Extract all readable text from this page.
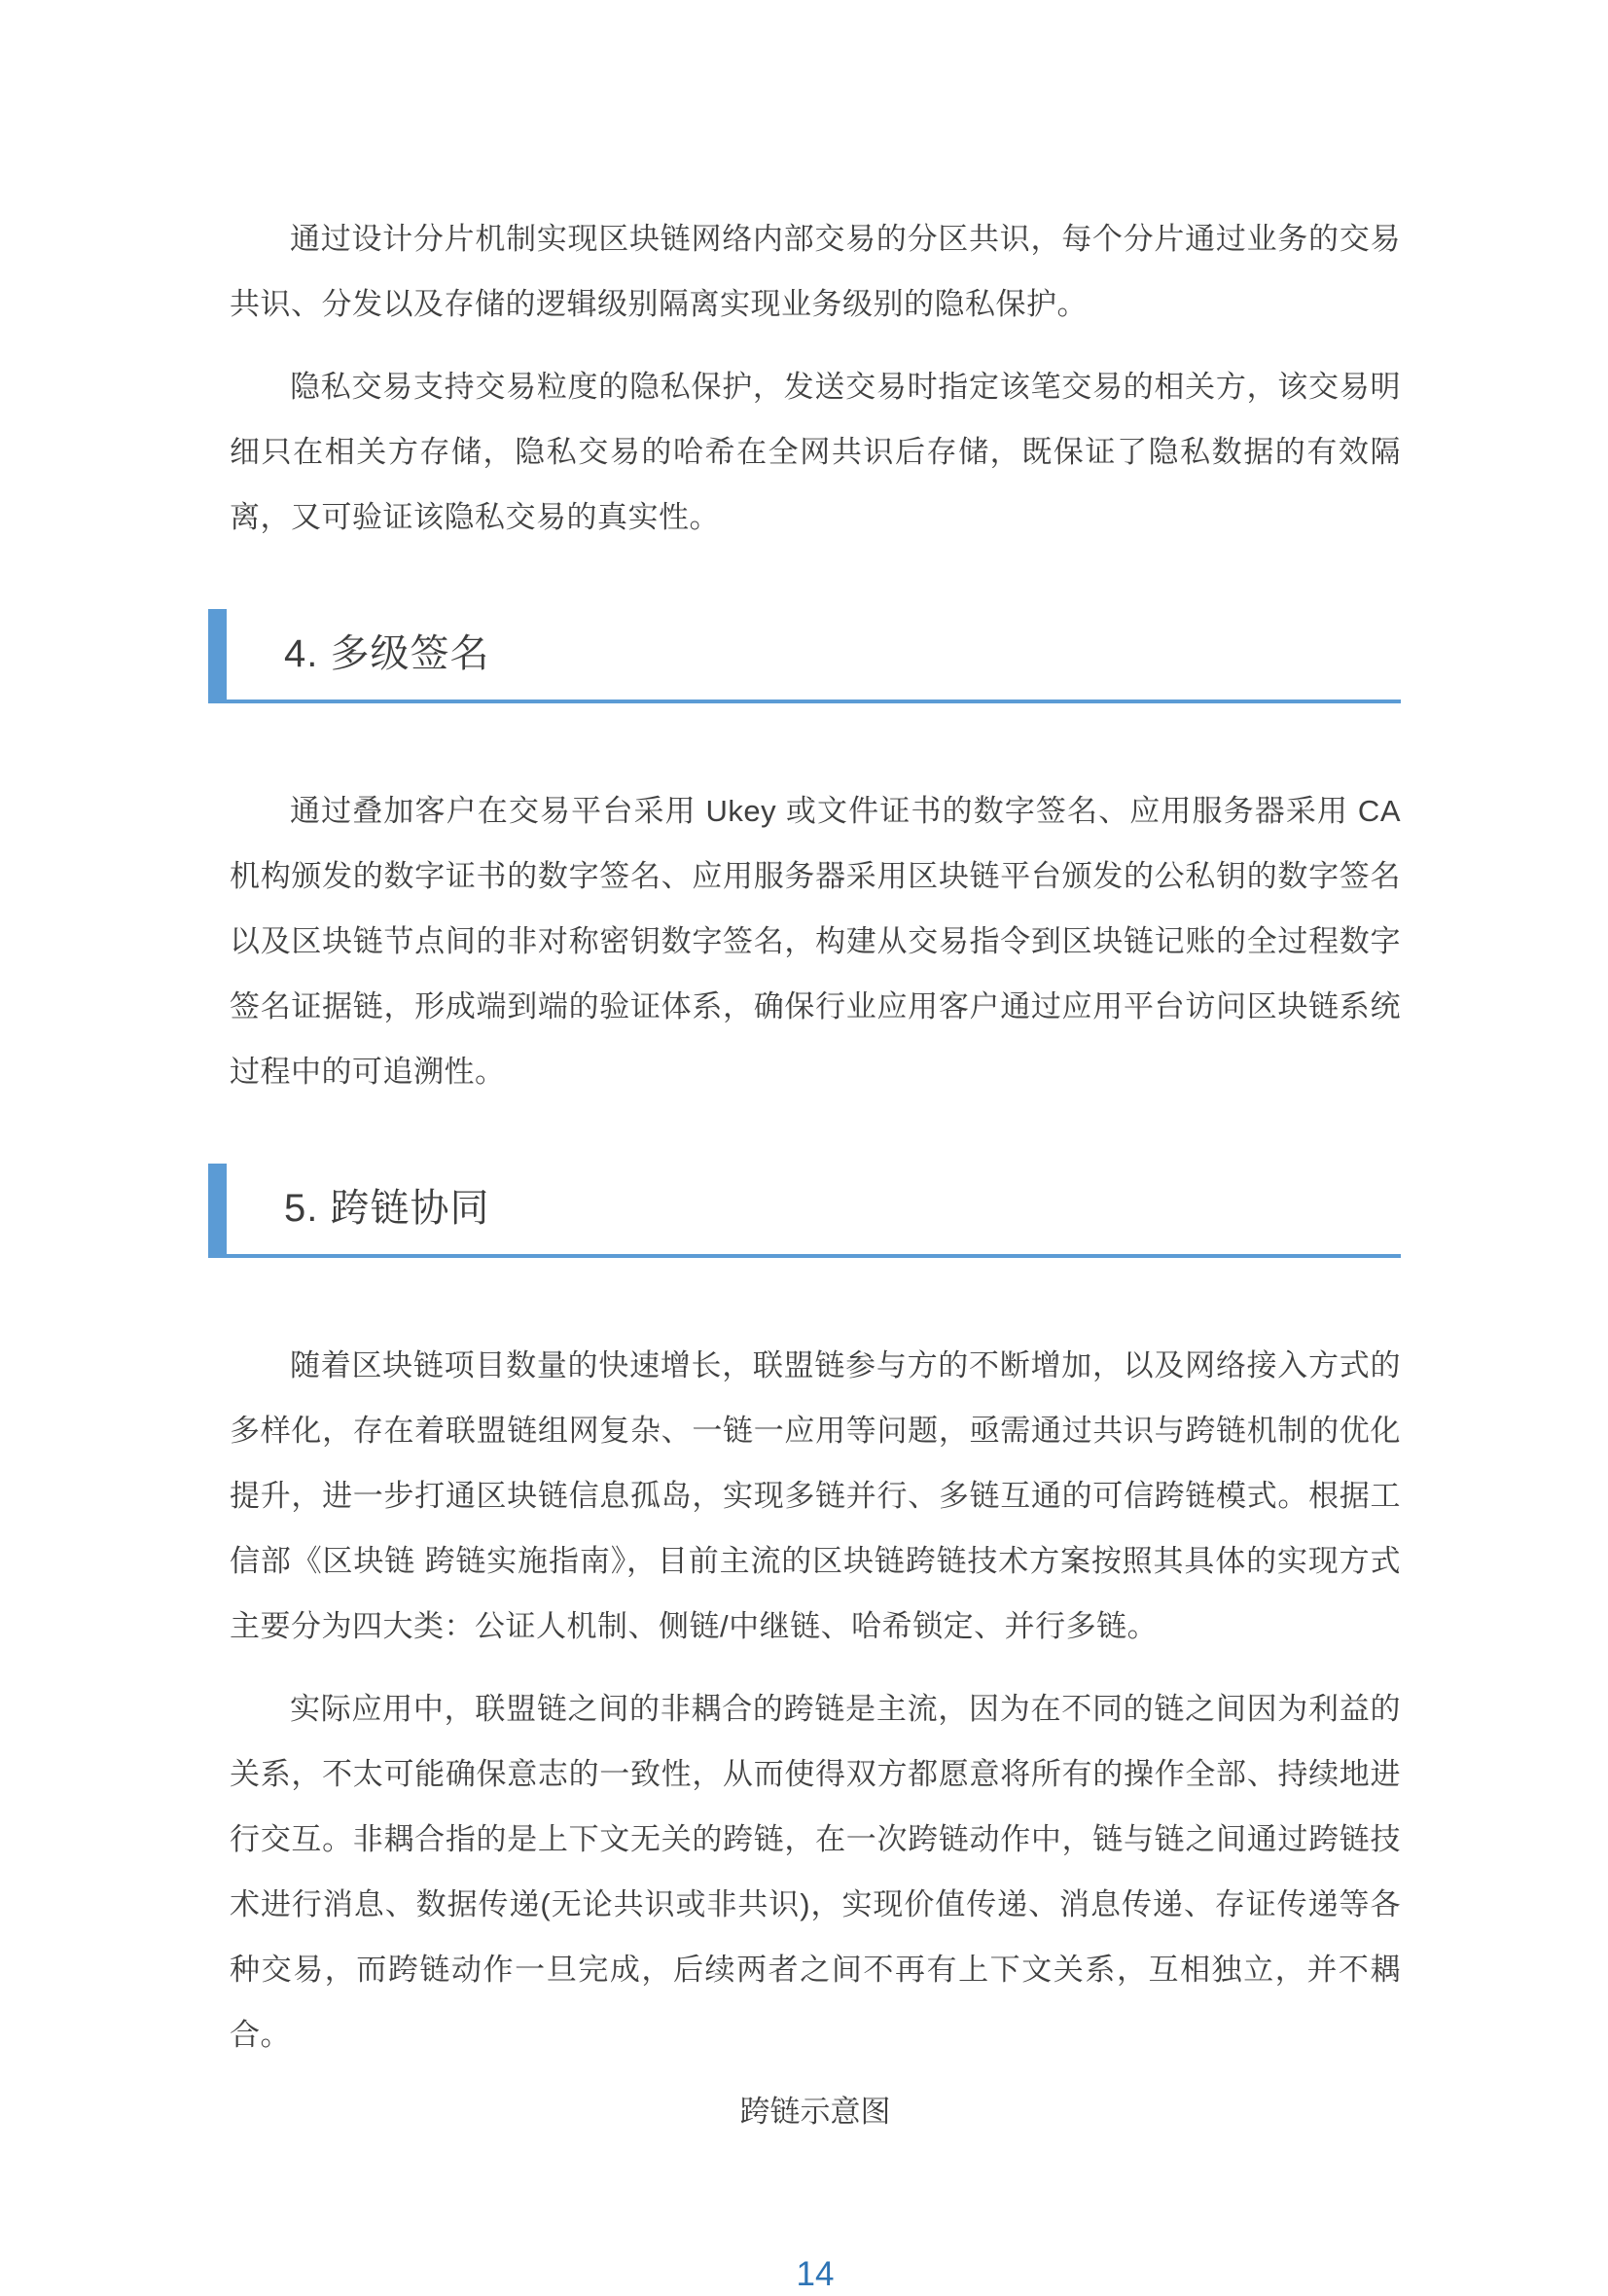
通过设计分片机制实现区块链网络内部交易的分区共识，每个分片通过业务的交易共识、分发以及存储的逻辑级别隔离实现业务级别的隐私保护。

隐私交易支持交易粒度的隐私保护，发送交易时指定该笔交易的相关方，该交易明细只在相关方存储，隐私交易的哈希在全网共识后存储，既保证了隐私数据的有效隔离，又可验证该隐私交易的真实性。

4. 多级签名

通过叠加客户在交易平台采用 Ukey 或文件证书的数字签名、应用服务器采用 CA 机构颁发的数字证书的数字签名、应用服务器采用区块链平台颁发的公私钥的数字签名以及区块链节点间的非对称密钥数字签名，构建从交易指令到区块链记账的全过程数字签名证据链，形成端到端的验证体系，确保行业应用客户通过应用平台访问区块链系统过程中的可追溯性。

5. 跨链协同

随着区块链项目数量的快速增长，联盟链参与方的不断增加，以及网络接入方式的多样化，存在着联盟链组网复杂、一链一应用等问题，亟需通过共识与跨链机制的优化提升，进一步打通区块链信息孤岛，实现多链并行、多链互通的可信跨链模式。根据工信部《区块链 跨链实施指南》，目前主流的区块链跨链技术方案按照其具体的实现方式主要分为四大类：公证人机制、侧链/中继链、哈希锁定、并行多链。

实际应用中，联盟链之间的非耦合的跨链是主流，因为在不同的链之间因为利益的关系，不太可能确保意志的一致性，从而使得双方都愿意将所有的操作全部、持续地进行交互。非耦合指的是上下文无关的跨链，在一次跨链动作中，链与链之间通过跨链技术进行消息、数据传递(无论共识或非共识)，实现价值传递、消息传递、存证传递等各种交易，而跨链动作一旦完成，后续两者之间不再有上下文关系，互相独立，并不耦合。

跨链示意图
14
